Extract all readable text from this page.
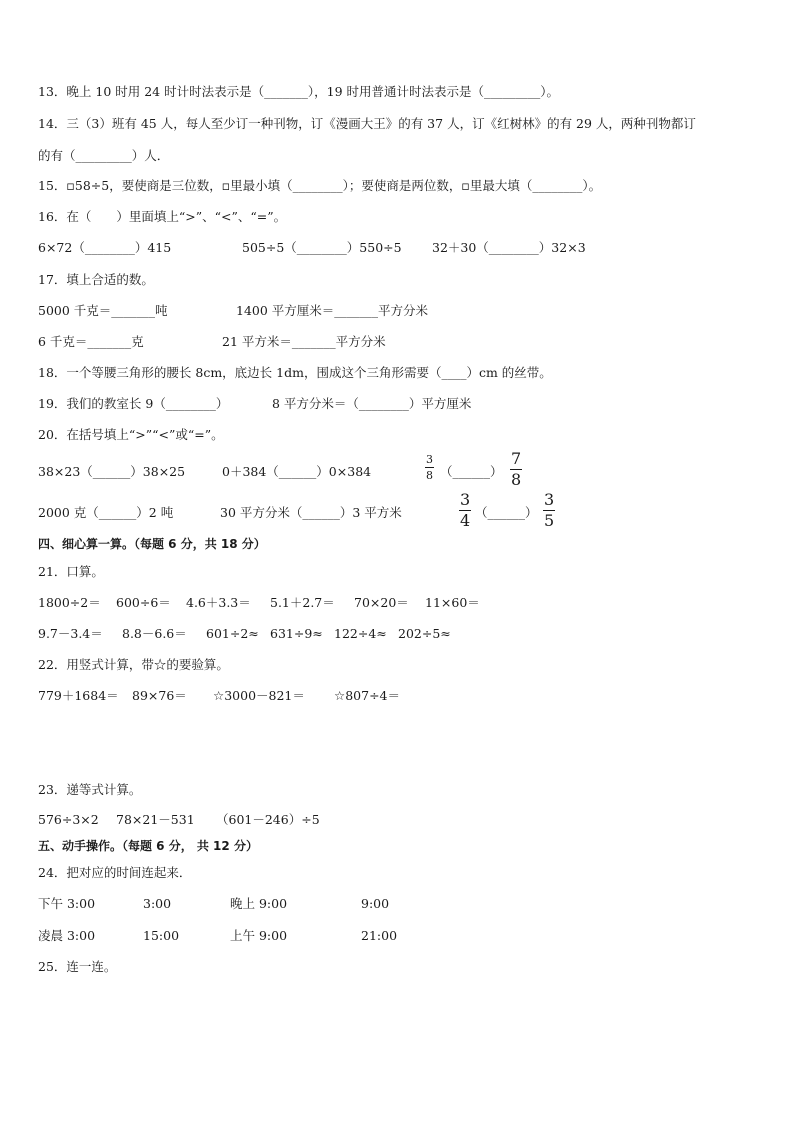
13．晚上 10 时用 24 时计时法表示是（_______），19 时用普通计时法表示是（_________）。
14．三（3）班有 45 人，每人至少订一种刊物，订《漫画大王》的有 37 人，订《红树林》的有 29 人，两种刊物都订
的有（_________）人．
15．▫58÷5，要使商是三位数，▫里最小填（________）；要使商是两位数，▫里最大填（________）。
16．在（　　）里面填上“>”、“<”、“=”。
6×72（________）415	505÷5（________）550÷5 32＋30（________）32×3
17．填上合适的数。
5000 千克＝_______吨	1400 平方厘米＝_______平方分米
6 千克＝_______克	21 平方米＝_______平方分米
18．一个等腰三角形的腰长 8cm，底边长 1dm，围成这个三角形需要（____）cm 的丝带。
19．我们的教室长 9（________）	8 平方分米＝（________）平方厘米
20．在括号填上“>”“<”或“=”。
38×23（______）38×25	0＋384（______）0×384	$\frac{3}{8}$ （______） $\frac{7}{8}$
2000 克（______）2 吨	30 平方分米（______）3 平方米	$\frac{3}{4}$ （______） $\frac{3}{5}$
四、细心算一算。（每题 6 分，共 18 分）
21．口算。
1800÷2＝ 600÷6＝ 4.6＋3.3＝ 5.1＋2.7＝ 70×20＝ 11×60＝
9.7－3.4＝ 8.8－6.6＝ 601÷2≈ 631÷9≈ 122÷4≈ 202÷5≈
22．用竖式计算，带☆的要验算。
779＋1684＝ 89×76＝ ☆3000－821＝ ☆807÷4＝
23．递等式计算。
576÷3×2 78×21－531 （601－246）÷5
五、动手操作。（每题 6 分， 共 12 分）
24．把对应的时间连起来．
下午 3:00	3:00	晚上 9:00	9:00
凌晨 3:00	15:00	上午 9:00	21:00
25．连一连。
